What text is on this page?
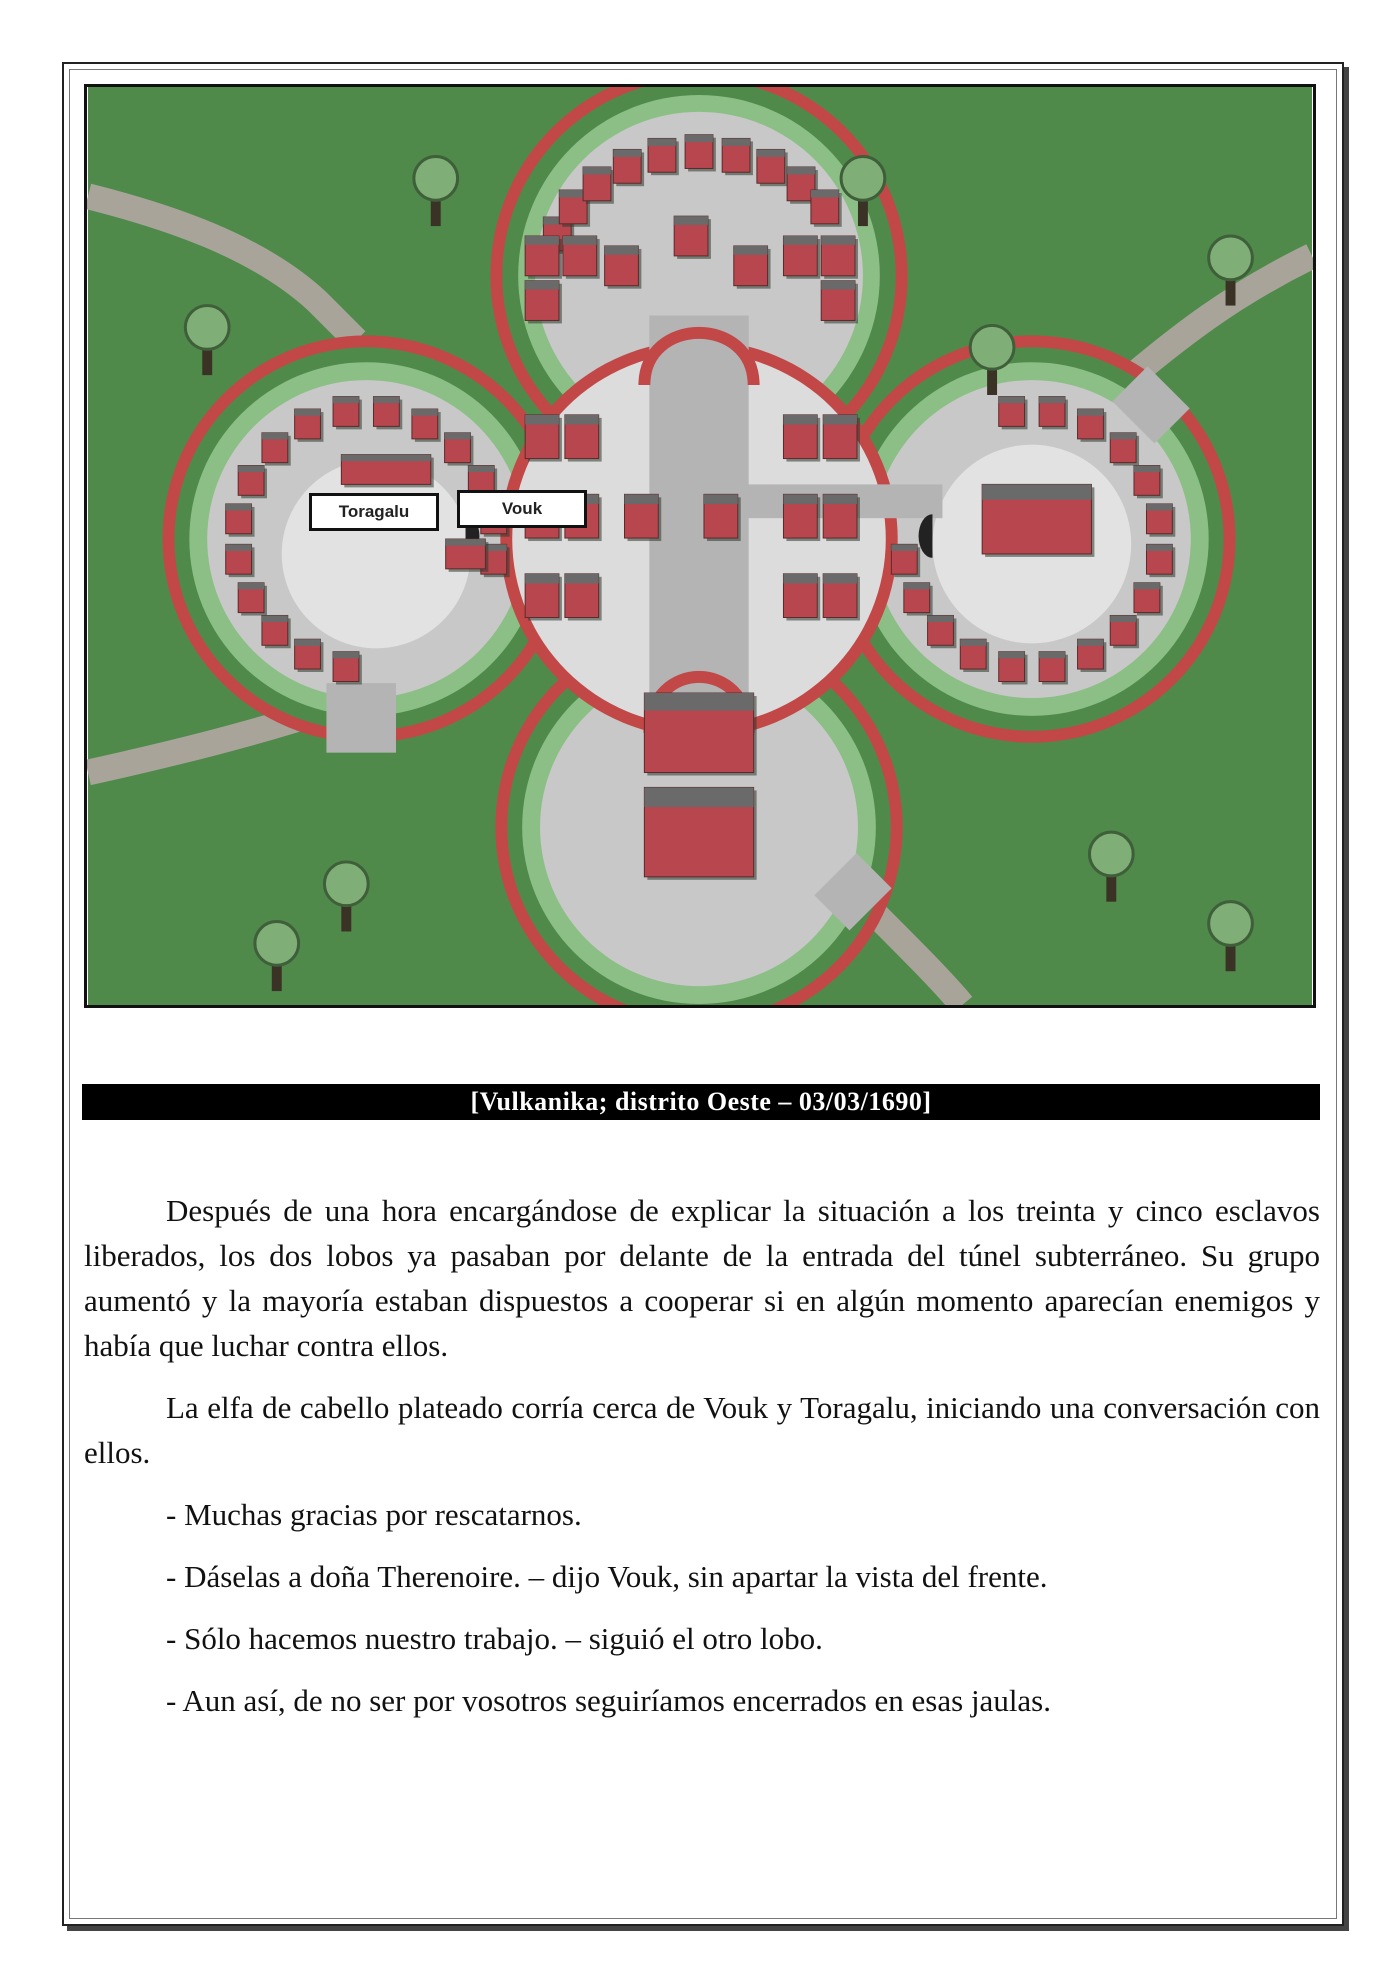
Toragalu	Vouk
[Vulkanika; distrito Oeste – 03/03/1690]

Después de una hora encargándose de explicar la situación a los treinta y cinco esclavos liberados, los dos lobos ya pasaban por delante de la entrada del túnel subterráneo. Su grupo aumentó y la mayoría estaban dispuestos a cooperar si en algún momento aparecían enemigos y había que luchar contra ellos.

La elfa de cabello plateado corría cerca de Vouk y Toragalu, iniciando una conversación con ellos.

- Muchas gracias por rescatarnos.

- Dáselas a doña Therenoire. – dijo Vouk, sin apartar la vista del frente.

- Sólo hacemos nuestro trabajo. – siguió el otro lobo.

- Aun así, de no ser por vosotros seguiríamos encerrados en esas jaulas.
